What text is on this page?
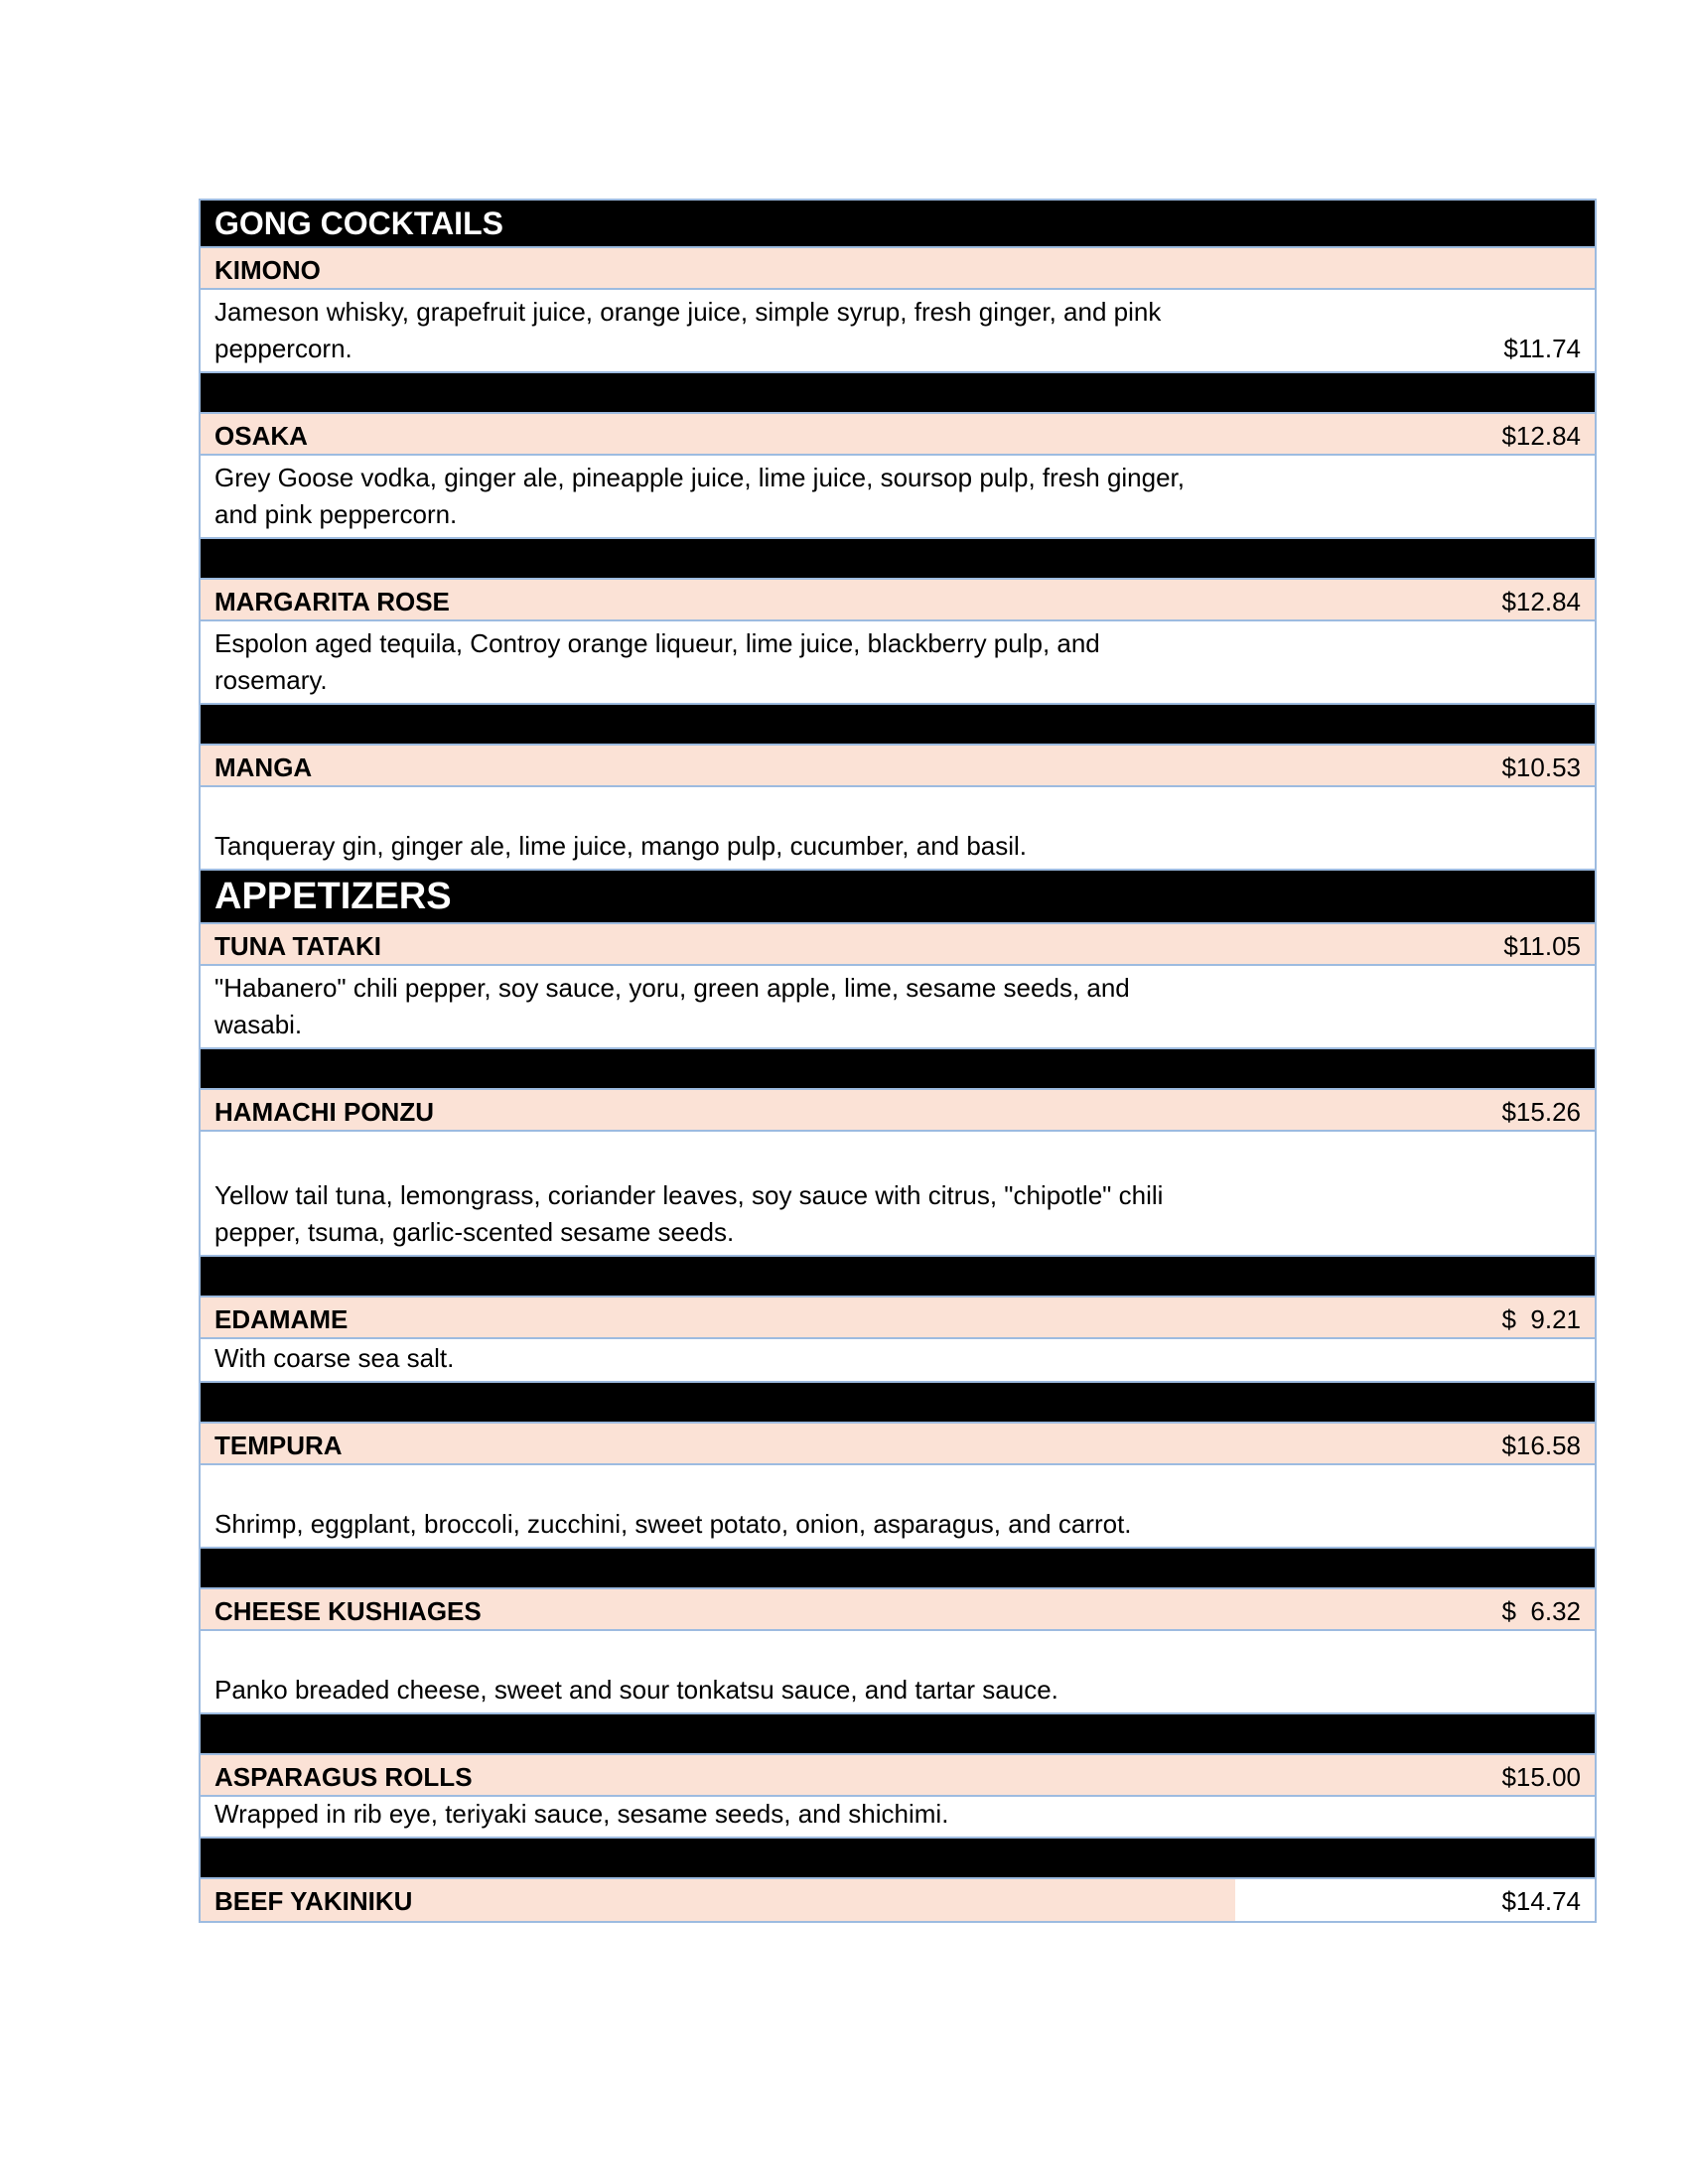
GONG COCKTAILS
KIMONO
Jameson whisky, grapefruit juice, orange juice, simple syrup, fresh ginger, and pink peppercorn.	$11.74
OSAKA	$12.84
Grey Goose vodka, ginger ale, pineapple juice, lime juice, soursop pulp, fresh ginger, and pink peppercorn.
MARGARITA ROSE	$12.84
Espolon aged tequila, Controy orange liqueur, lime juice, blackberry pulp, and rosemary.
MANGA	$10.53
Tanqueray gin, ginger ale, lime juice, mango pulp, cucumber, and basil.
APPETIZERS
TUNA TATAKI	$11.05
"Habanero" chili pepper, soy sauce, yoru, green apple, lime, sesame seeds, and wasabi.
HAMACHI PONZU	$15.26
Yellow tail tuna, lemongrass, coriander leaves, soy sauce with citrus, "chipotle" chili pepper, tsuma, garlic-scented sesame seeds.
EDAMAME	$  9.21
With coarse sea salt.
TEMPURA	$16.58
Shrimp, eggplant, broccoli, zucchini, sweet potato, onion, asparagus, and carrot.
CHEESE KUSHIAGES	$  6.32
Panko breaded cheese, sweet and sour tonkatsu sauce, and tartar sauce.
ASPARAGUS ROLLS	$15.00
Wrapped in rib eye, teriyaki sauce, sesame seeds, and shichimi.
BEEF YAKINIKU	$14.74
